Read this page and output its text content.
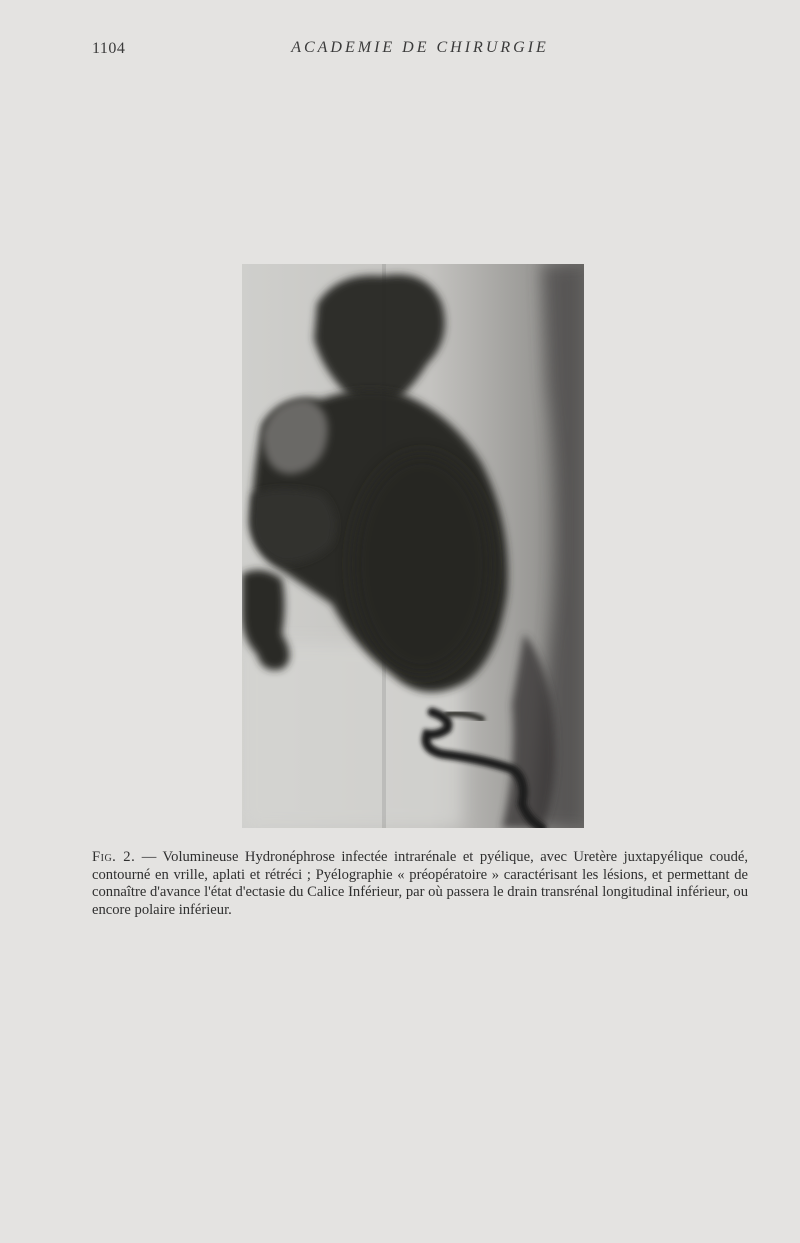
1104	ACADEMIE DE CHIRURGIE
Fig. 2. — Volumineuse Hydronéphrose infectée intrarénale et pyélique, avec Uretère juxtapyélique coudé, contourné en vrille, aplati et rétréci ; Pyélographie « préopératoire » caractérisant les lésions, et permettant de connaître d'avance l'état d'ectasie du Calice Inférieur, par où passera le drain transrénal longitudinal inférieur, ou encore polaire inférieur.
